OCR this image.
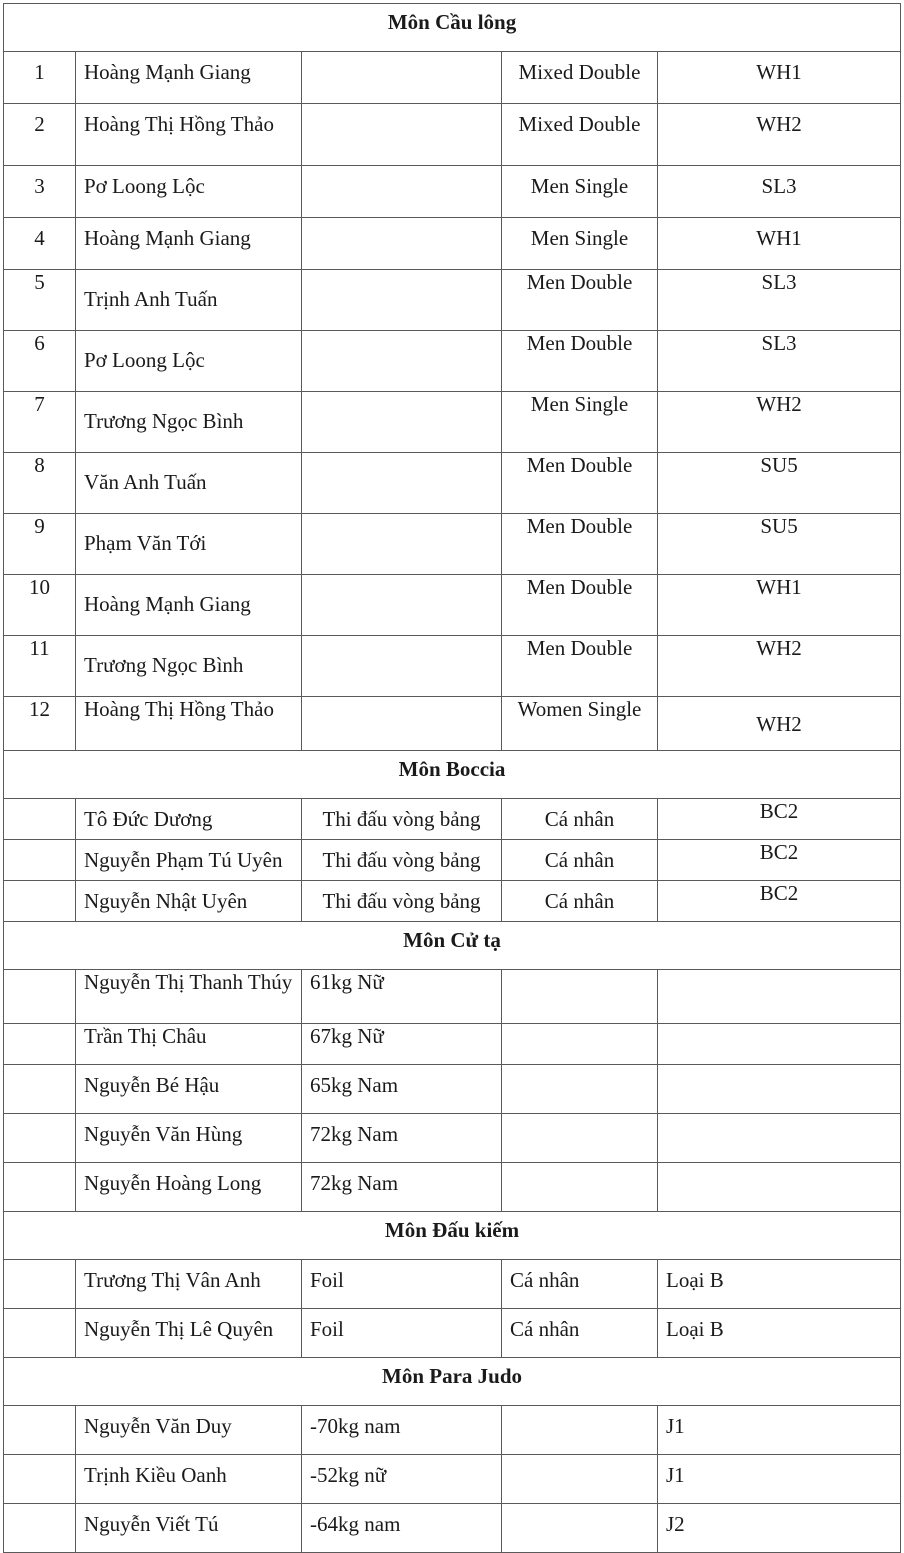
Môn Cầu lông				
1	Hoàng Mạnh Giang		Mixed Double	WH1
2	Hoàng Thị Hồng Thảo		Mixed Double	WH2
3	Pơ Loong Lộc		Men Single	SL3
4	Hoàng Mạnh Giang		Men Single	WH1
5	Trịnh Anh Tuấn		Men Double	SL3
6	Pơ Loong Lộc		Men Double	SL3
7	Trương Ngọc Bình		Men Single	WH2
8	Văn Anh Tuấn		Men Double	SU5
9	Phạm Văn Tới		Men Double	SU5
10	Hoàng Mạnh Giang		Men Double	WH1
11	Trương Ngọc Bình		Men Double	WH2
12	Hoàng Thị Hồng Thảo		Women Single	WH2
Môn Boccia				
	Tô Đức Dương	Thi đấu vòng bảng	Cá nhân	BC2
	Nguyễn Phạm Tú Uyên	Thi đấu vòng bảng	Cá nhân	BC2
	Nguyễn Nhật Uyên	Thi đấu vòng bảng	Cá nhân	BC2
Môn Cử tạ				
	Nguyễn Thị Thanh Thúy	61kg Nữ		
	Trần Thị Châu	67kg Nữ		
	Nguyễn Bé Hậu	65kg Nam		
	Nguyễn Văn Hùng	72kg Nam		
	Nguyễn Hoàng Long	72kg Nam		
Môn Đấu kiếm				
	Trương Thị Vân Anh	Foil	Cá nhân	Loại B
	Nguyễn Thị Lê Quyên	Foil	Cá nhân	Loại B
Môn Para Judo				
	Nguyễn Văn Duy	-70kg nam		J1
	Trịnh Kiều Oanh	-52kg nữ		J1
	Nguyễn Viết Tú	-64kg nam		J2
